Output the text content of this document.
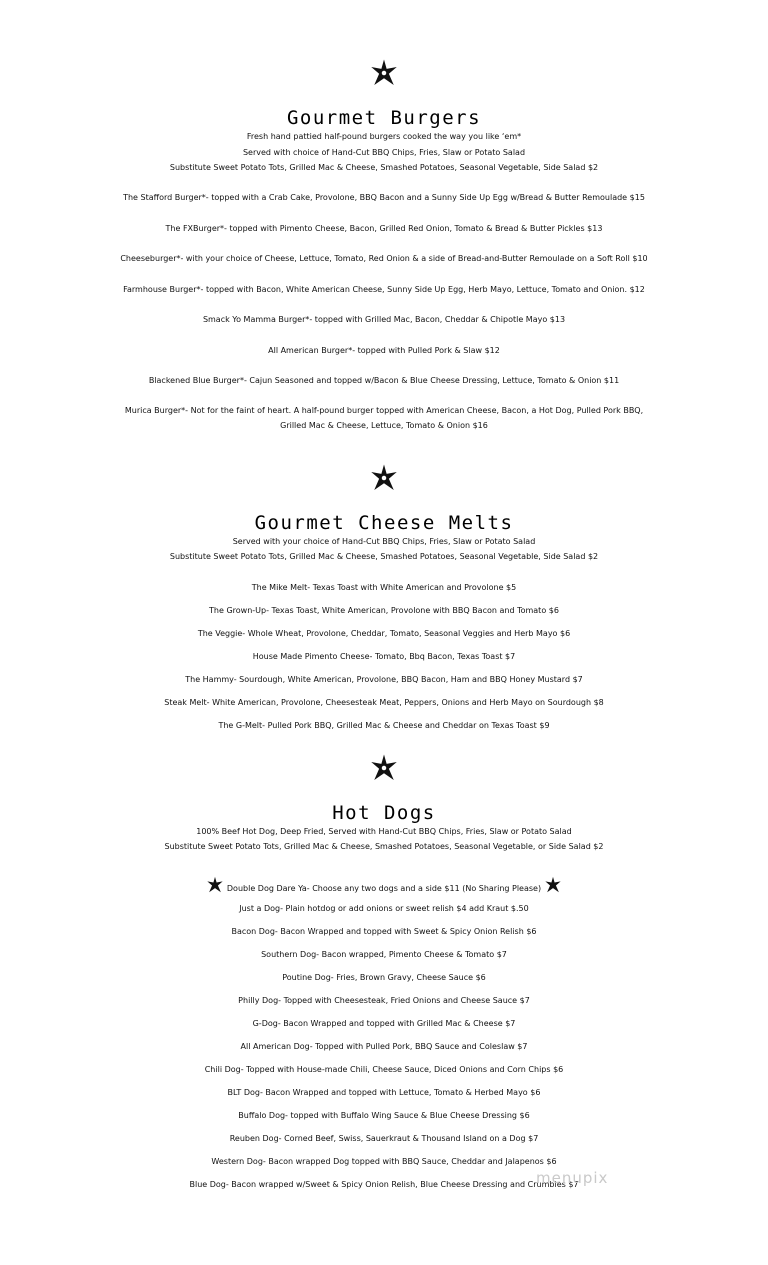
Gourmet Burgers
Fresh hand pattied half-pound burgers cooked the way you like ‘em*
Served with choice of Hand-Cut BBQ Chips, Fries, Slaw or Potato Salad
Substitute Sweet Potato Tots, Grilled Mac & Cheese, Smashed Potatoes, Seasonal Vegetable, Side Salad $2
The Stafford Burger*- topped with a Crab Cake, Provolone, BBQ Bacon and a Sunny Side Up Egg w/Bread & Butter Remoulade $15
The FXBurger*- topped with Pimento Cheese, Bacon, Grilled Red Onion, Tomato & Bread & Butter Pickles $13
Cheeseburger*- with your choice of Cheese, Lettuce, Tomato, Red Onion & a side of Bread-and-Butter Remoulade on a Soft Roll $10
Farmhouse Burger*- topped with Bacon, White American Cheese, Sunny Side Up Egg, Herb Mayo, Lettuce, Tomato and Onion. $12
Smack Yo Mamma Burger*- topped with Grilled Mac, Bacon, Cheddar & Chipotle Mayo $13
All American Burger*- topped with Pulled Pork & Slaw $12
Blackened Blue Burger*- Cajun Seasoned and topped w/Bacon & Blue Cheese Dressing, Lettuce, Tomato & Onion $11
Murica Burger*- Not for the faint of heart. A half-pound burger topped with American Cheese, Bacon, a Hot Dog, Pulled Pork BBQ,
Grilled Mac & Cheese, Lettuce, Tomato & Onion $16
Gourmet Cheese Melts
Served with your choice of Hand-Cut BBQ Chips, Fries, Slaw or Potato Salad
Substitute Sweet Potato Tots, Grilled Mac & Cheese, Smashed Potatoes, Seasonal Vegetable, Side Salad $2
The Mike Melt- Texas Toast with White American and Provolone $5
The Grown-Up- Texas Toast, White American, Provolone with BBQ Bacon and Tomato $6
The Veggie- Whole Wheat, Provolone, Cheddar, Tomato, Seasonal Veggies and Herb Mayo $6
House Made Pimento Cheese- Tomato, Bbq Bacon, Texas Toast $7
The Hammy- Sourdough, White American, Provolone, BBQ Bacon, Ham and BBQ Honey Mustard $7
Steak Melt- White American, Provolone, Cheesesteak Meat, Peppers, Onions and Herb Mayo on Sourdough $8
The G-Melt- Pulled Pork BBQ, Grilled Mac & Cheese and Cheddar on Texas Toast $9
Hot Dogs
100% Beef Hot Dog, Deep Fried, Served with Hand-Cut BBQ Chips, Fries, Slaw or Potato Salad
Substitute Sweet Potato Tots, Grilled Mac & Cheese, Smashed Potatoes, Seasonal Vegetable, or Side Salad $2
Double Dog Dare Ya- Choose any two dogs and a side $11 (No Sharing Please)
Just a Dog- Plain hotdog or add onions or sweet relish $4 add Kraut $.50
Bacon Dog- Bacon Wrapped and topped with Sweet & Spicy Onion Relish $6
Southern Dog- Bacon wrapped, Pimento Cheese & Tomato $7
Poutine Dog- Fries, Brown Gravy, Cheese Sauce $6
Philly Dog- Topped with Cheesesteak, Fried Onions and Cheese Sauce $7
G-Dog- Bacon Wrapped and topped with Grilled Mac & Cheese $7
All American Dog- Topped with Pulled Pork, BBQ Sauce and Coleslaw $7
Chili Dog- Topped with House-made Chili, Cheese Sauce, Diced Onions and Corn Chips $6
BLT Dog- Bacon Wrapped and topped with Lettuce, Tomato & Herbed Mayo $6
Buffalo Dog- topped with Buffalo Wing Sauce & Blue Cheese Dressing $6
Reuben Dog- Corned Beef, Swiss, Sauerkraut & Thousand Island on a Dog $7
Western Dog- Bacon wrapped Dog topped with BBQ Sauce, Cheddar and Jalapenos $6
Blue Dog- Bacon wrapped w/Sweet & Spicy Onion Relish, Blue Cheese Dressing and Crumbles $7
menupix
